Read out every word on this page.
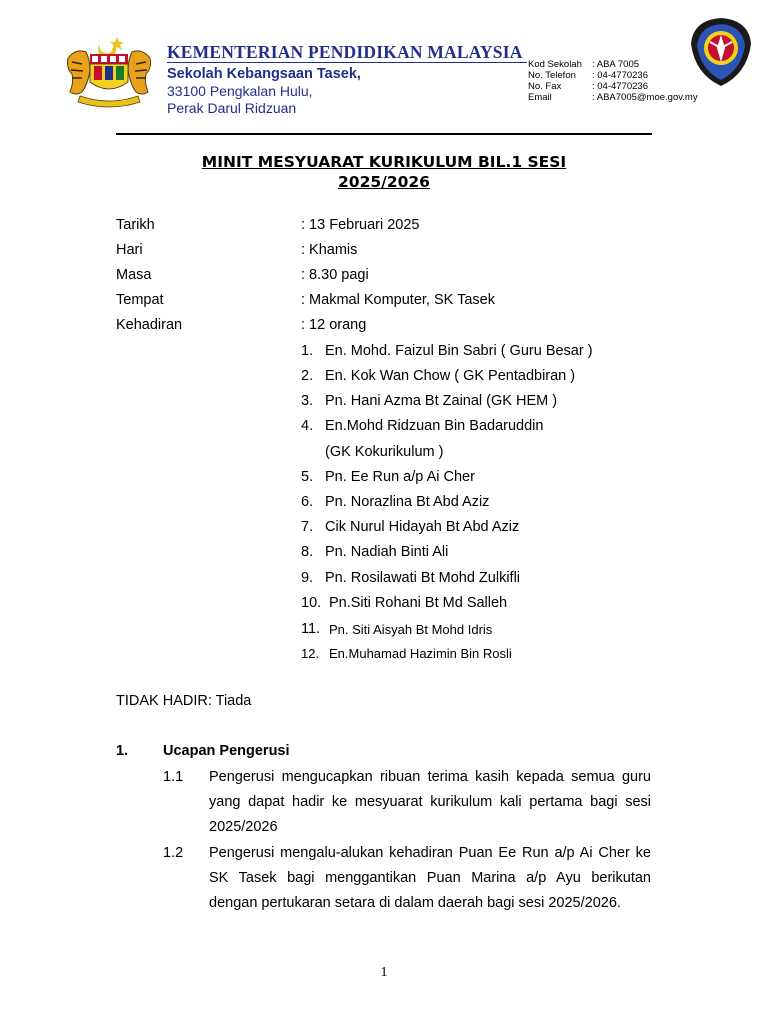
KEMENTERIAN PENDIDIKAN MALAYSIA
Sekolah Kebangsaan Tasek,
33100 Pengkalan Hulu,
Perak Darul Ridzuan
Kod Sekolah	: ABA 7005
No. Telefon	: 04-4770236
No. Fax	: 04-4770236
Email	: ABA7005@moe.gov.my
MINIT MESYUARAT KURIKULUM BIL.1 SESI
2025/2026
Tarikh	: 13 Februari 2025
Hari	: Khamis
Masa	: 8.30 pagi
Tempat	: Makmal Komputer, SK Tasek
Kehadiran	: 12 orang
1. En. Mohd. Faizul Bin Sabri ( Guru Besar )
2. En. Kok Wan Chow ( GK Pentadbiran )
3. Pn. Hani Azma Bt Zainal (GK HEM )
4. En.Mohd Ridzuan Bin Badaruddin
(GK Kokurikulum )
5. Pn. Ee Run a/p Ai Cher
6. Pn. Norazlina Bt Abd Aziz
7. Cik Nurul Hidayah Bt Abd Aziz
8. Pn. Nadiah Binti Ali
9. Pn. Rosilawati Bt Mohd Zulkifli
10. Pn.Siti Rohani Bt Md Salleh
11. Pn. Siti Aisyah Bt Mohd Idris
12. En.Muhamad Hazimin Bin Rosli
TIDAK HADIR: Tiada
1. Ucapan Pengerusi
1.1 Pengerusi mengucapkan ribuan terima kasih kepada semua guru yang dapat hadir ke mesyuarat kurikulum kali pertama bagi sesi 2025/2026
1.2 Pengerusi mengalu-alukan kehadiran Puan Ee Run a/p Ai Cher ke SK Tasek bagi menggantikan Puan Marina a/p Ayu berikutan dengan pertukaran setara di dalam daerah bagi sesi 2025/2026.
1
